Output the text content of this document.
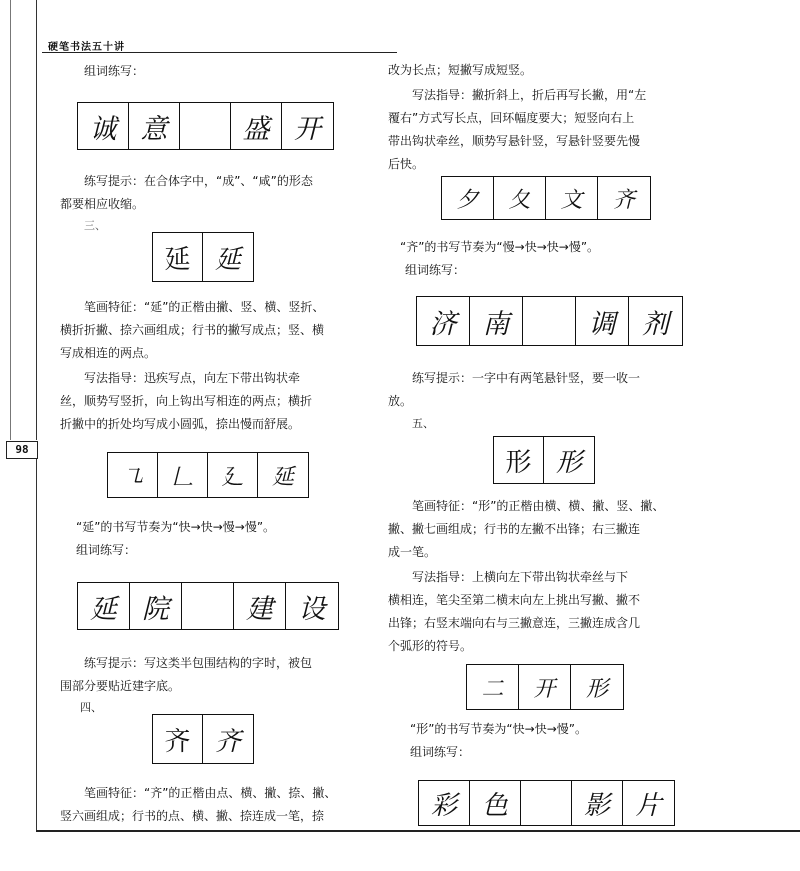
硬笔书法五十讲
98
组词练写：
诚 意	盛 开
练写提示：在合体字中，“成”、“咸”的形态
都要相应收缩。
三、
延 延
笔画特征：“延”的正楷由撇、竖、横、竖折、
横折折撇、捺六画组成；行书的撇写成点；竖、横
写成相连的两点。
写法指导：迅疾写点，向左下带出钩状牵
丝，顺势写竖折，向上钩出写相连的两点；横折
折撇中的折处均写成小圆弧，捺出慢而舒展。
㇈	𠃊	廴	延
“延”的书写节奏为“快→快→慢→慢”。
组词练写：
延 院	建 设
练写提示：写这类半包围结构的字时，被包
围部分要贴近建字底。
四、
齐 齐
笔画特征：“齐”的正楷由点、横、撇、捺、撇、
竖六画组成；行书的点、横、撇、捺连成一笔，捺
改为长点；短撇写成短竖。
写法指导：撇折斜上，折后再写长撇，用“左
覆右”方式写长点，回环幅度要大；短竖向右上
带出钩状牵丝，顺势写悬针竖，写悬针竖要先慢
后快。
夕	夂	文	齐
“齐”的书写节奏为“慢→快→快→慢”。
组词练写：
济 南	调 剂
练写提示：一字中有两笔悬针竖，要一收一
放。
五、
形 形
笔画特征：“形”的正楷由横、横、撇、竖、撇、
撇、撇七画组成；行书的左撇不出锋；右三撇连
成一笔。
写法指导：上横向左下带出钩状牵丝与下
横相连，笔尖至第二横末向左上挑出写撇、撇不
出锋；右竖末端向右与三撇意连，三撇连成含几
个弧形的符号。
二	开	形
“形”的书写节奏为“快→快→慢”。
组词练写：
彩 色	影 片
